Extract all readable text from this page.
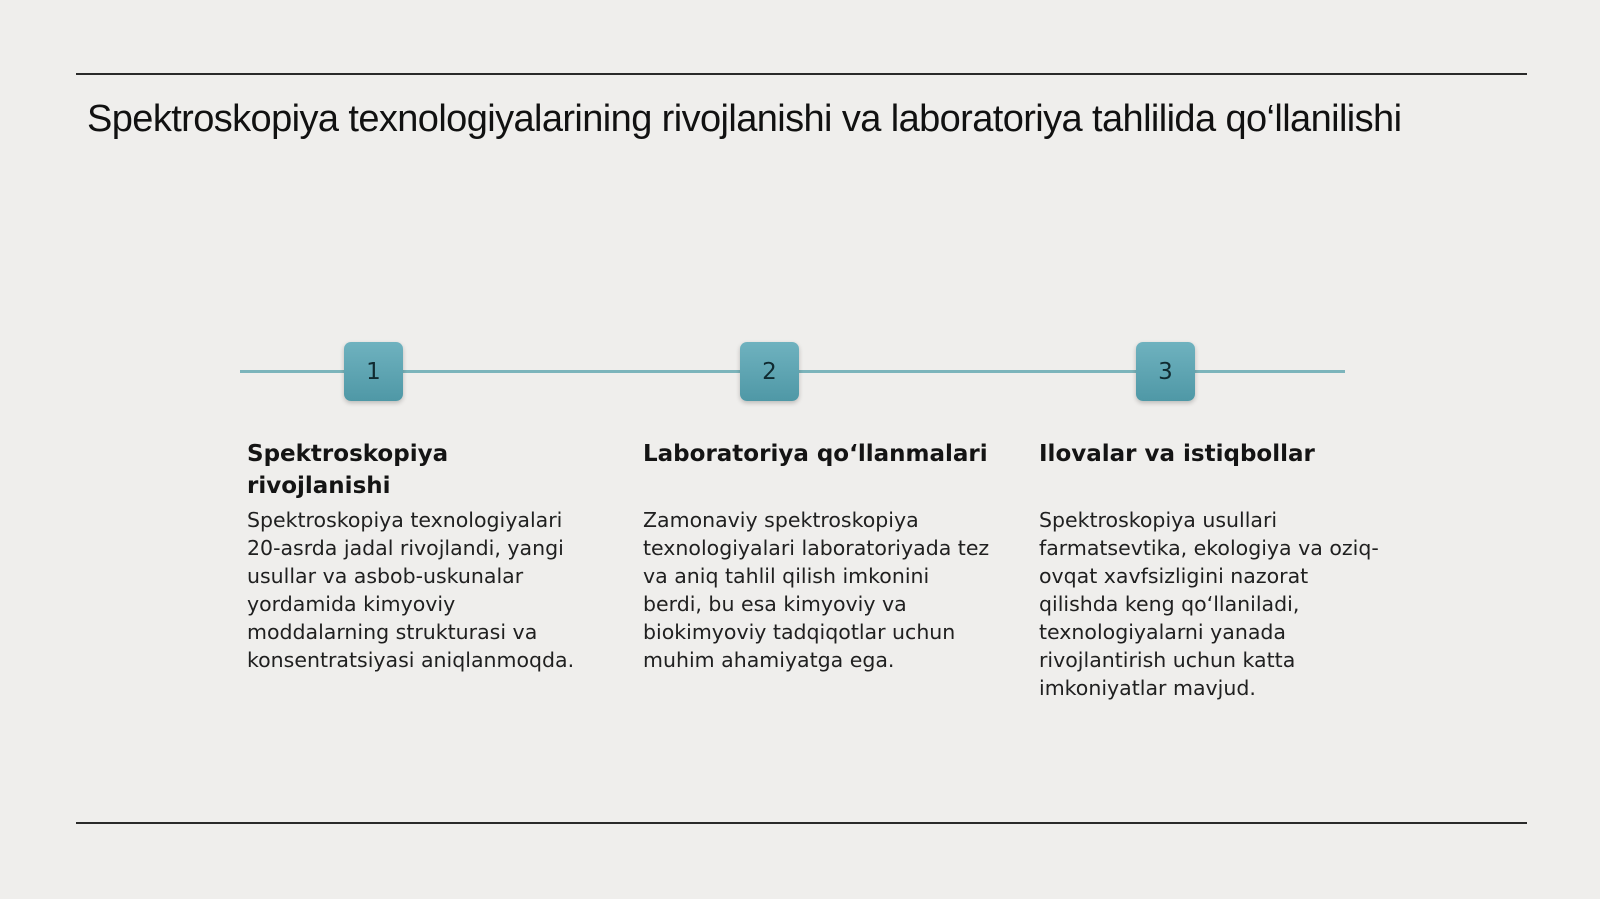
Spektroskopiya texnologiyalarining rivojlanishi va laboratoriya tahlilida qo‘llanilishi
1	2	3
Spektroskopiya rivojlanishi

Spektroskopiya texnologiyalari 20-asrda jadal rivojlandi, yangi usullar va asbob-uskunalar yordamida kimyoviy moddalarning strukturasi va konsentratsiyasi aniqlanmoqda.

Laboratoriya qo‘llanmalari

Zamonaviy spektroskopiya texnologiyalari laboratoriyada tez va aniq tahlil qilish imkonini berdi, bu esa kimyoviy va biokimyoviy tadqiqotlar uchun muhim ahamiyatga ega.

Ilovalar va istiqbollar

Spektroskopiya usullari farmatsevtika, ekologiya va oziq-ovqat xavfsizligini nazorat qilishda keng qo‘llaniladi, texnologiyalarni yanada rivojlantirish uchun katta imkoniyatlar mavjud.
